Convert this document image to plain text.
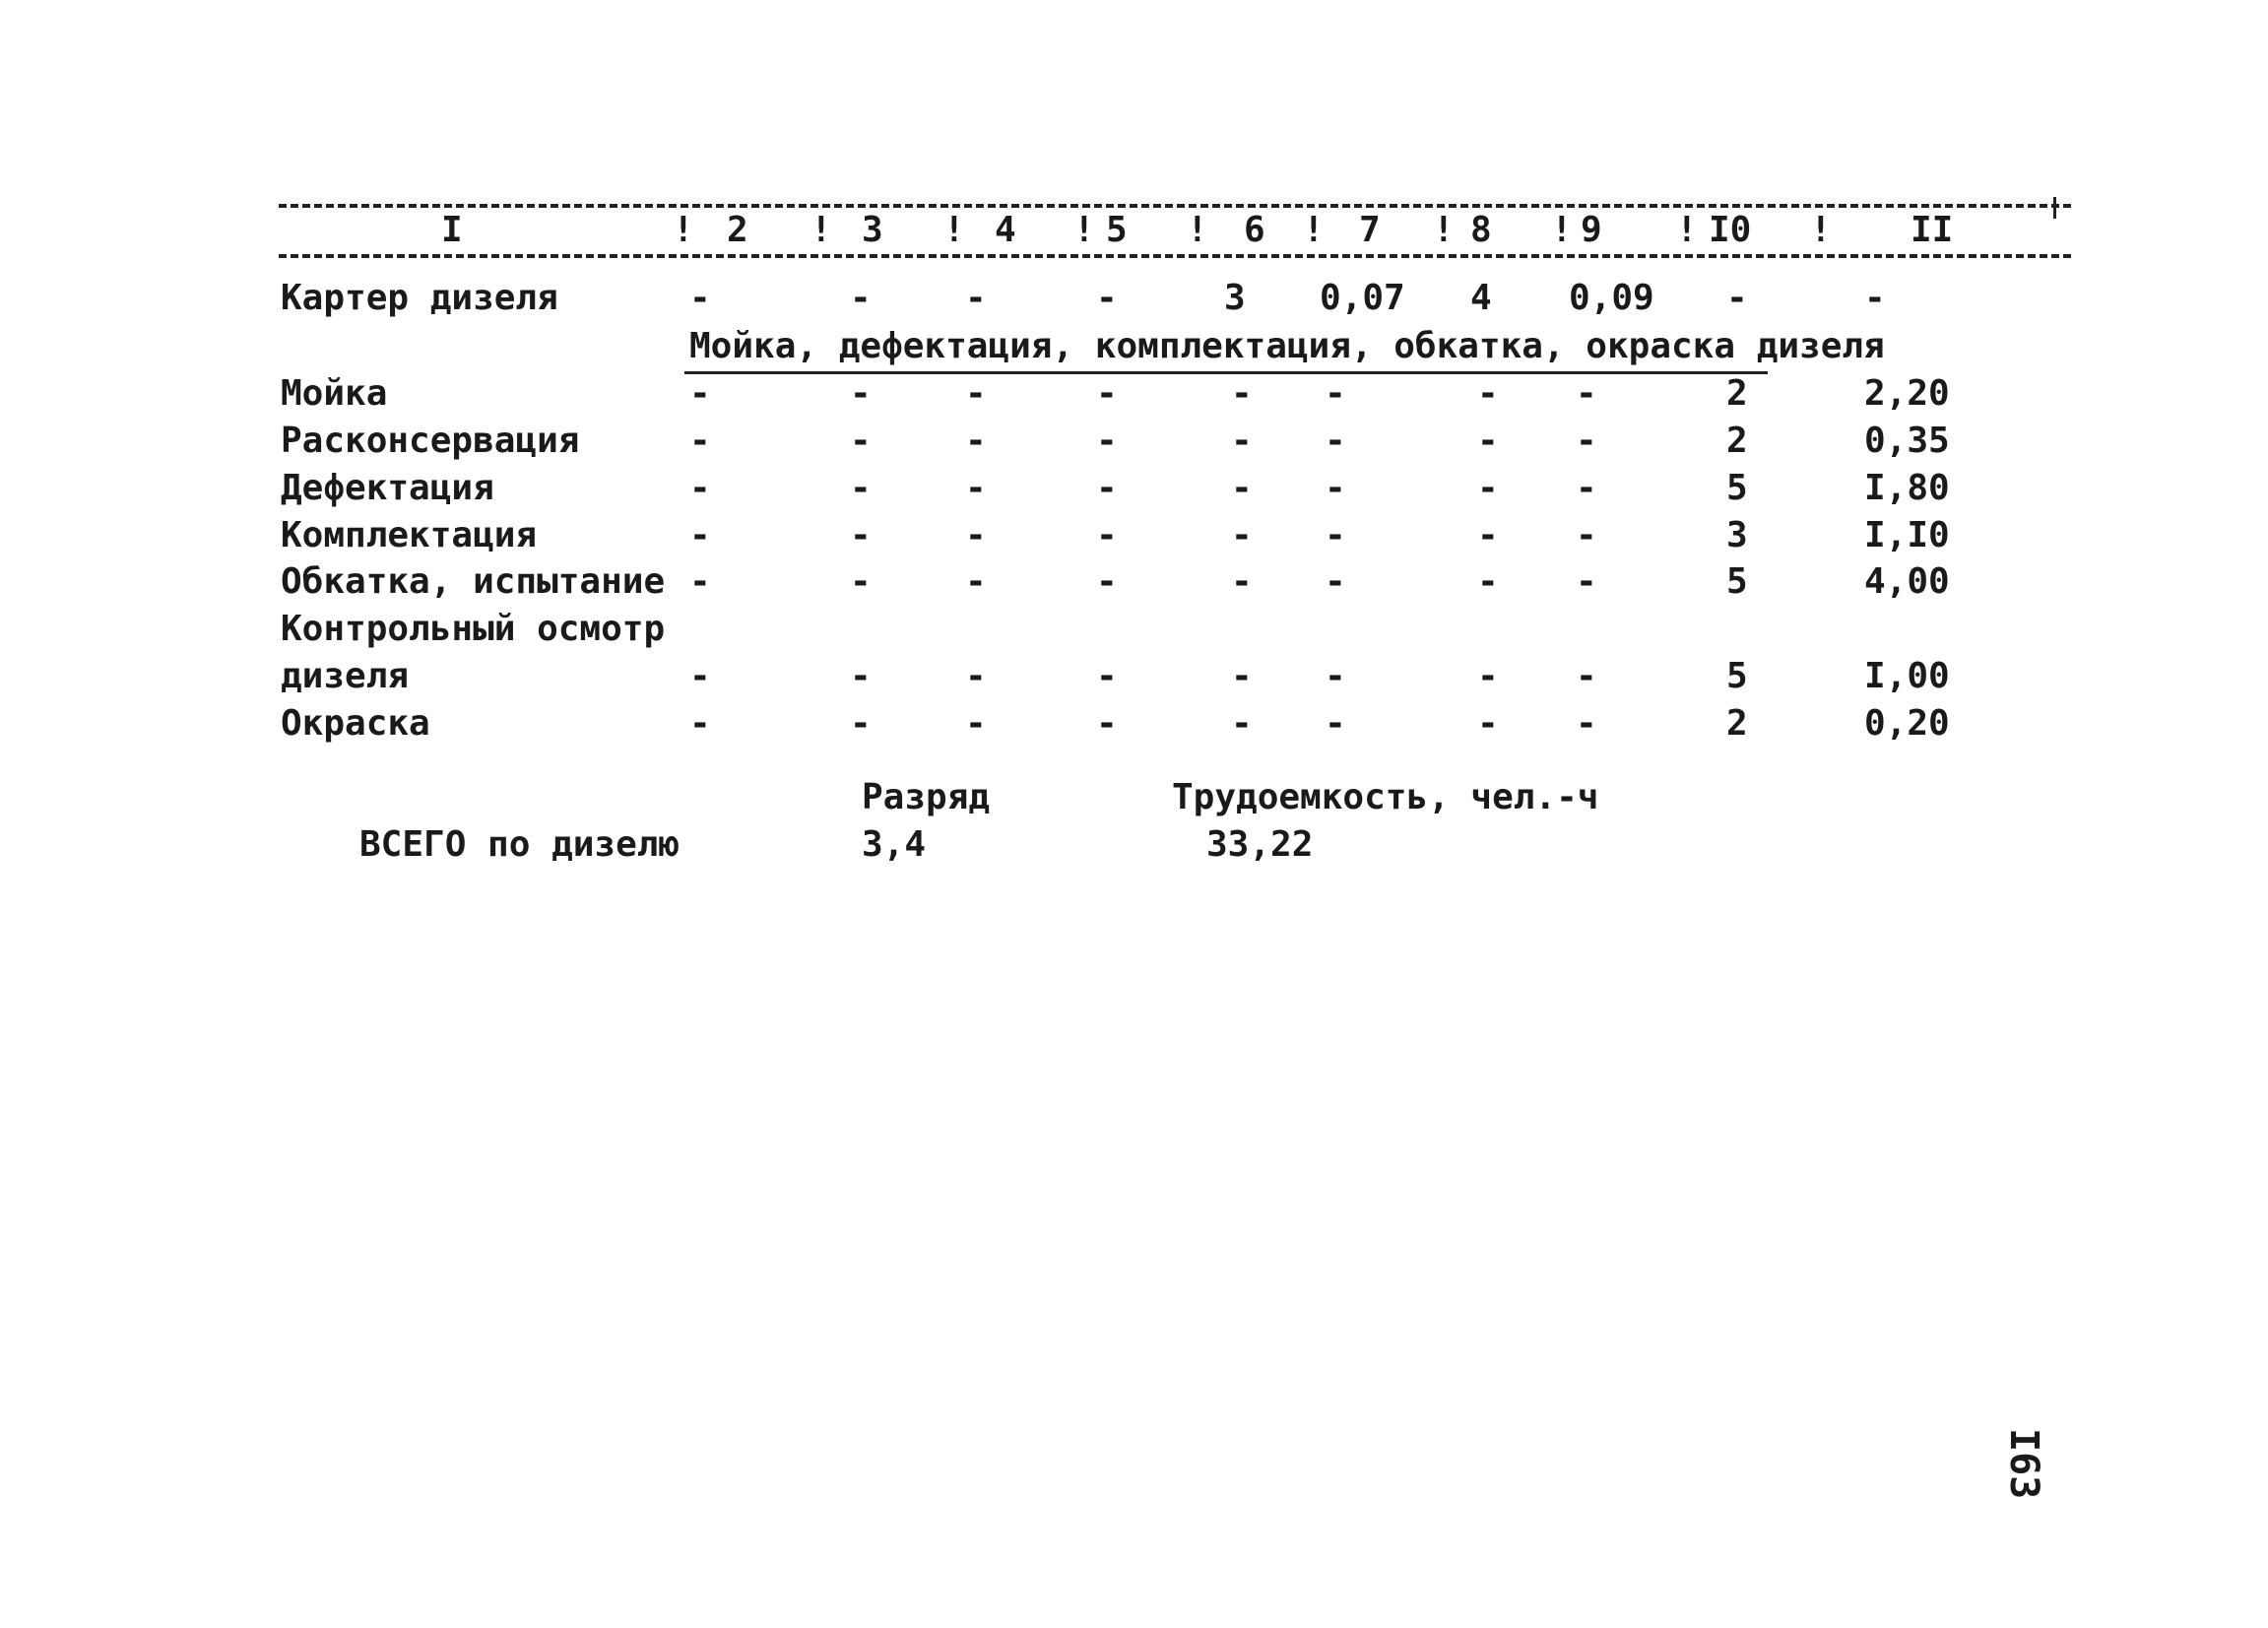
I	! 2 ! 3 ! 4 ! 5 ! 6 ! 7 ! 8 ! 9 ! I0 ! II
Картер дизеля	-	-	-	-	3 0,07 4 0,09 -	-
Мойка, дефектация, комплектация, обкатка, окраска дизеля
Мойка	-	-	-	-	- -	- -	2	2,20
Расконсервация	-	-	-	-	- -	- -	2	0,35
Дефектация	-	-	-	-	- -	- -	5	I,80
Комплектация	-	-	-	-	- -	- -	3	I,I0
Обкатка, испытание -	-	-	-	- -	- -	5	4,00
Контрольный осмотр
дизеля	-	-	-	-	- -	- -	5	I,00
Окраска	-	-	-	-	- -	- -	2	0,20
Разряд	Трудоемкость, чел.-ч
ВСЕГО по дизелю	3,4	33,22
I63
